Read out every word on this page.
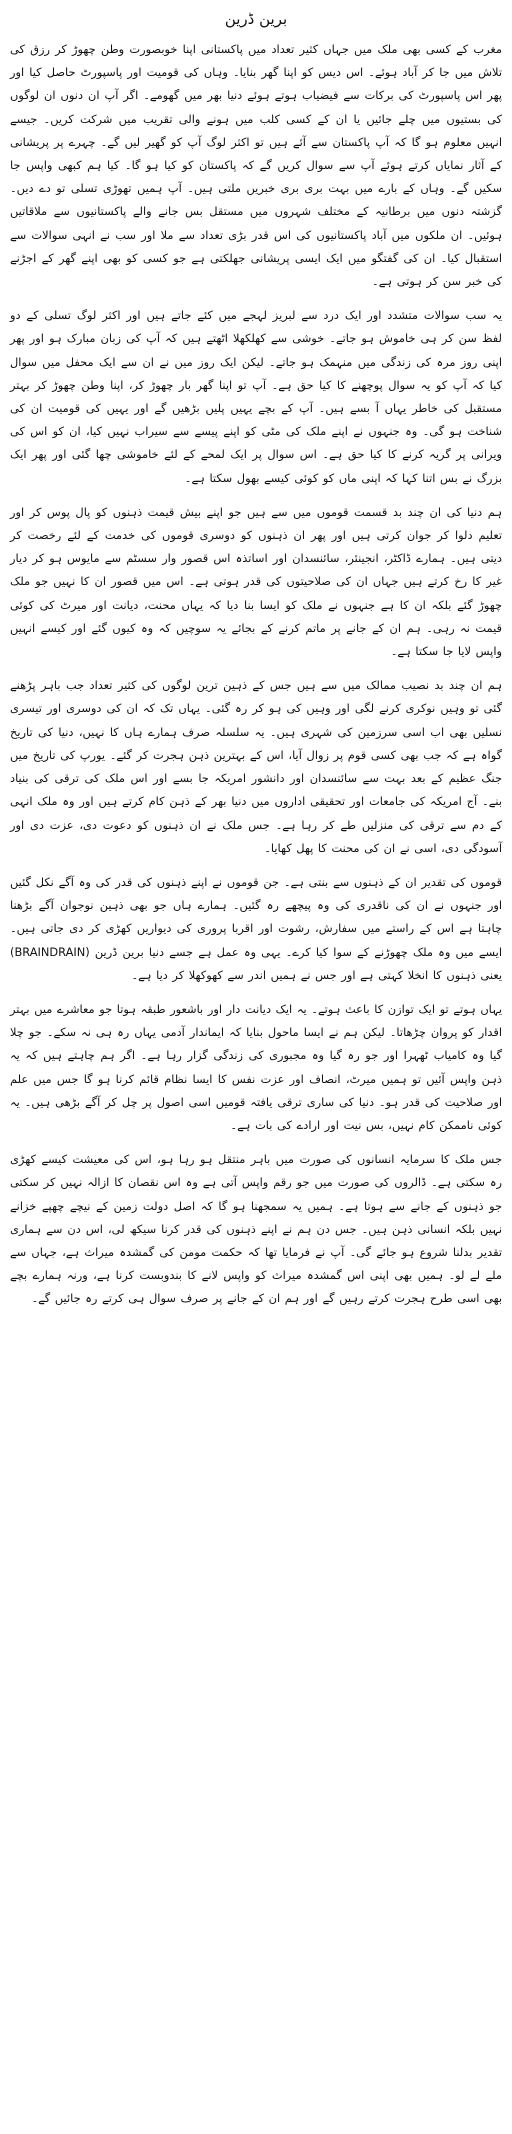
برین ڈرین

مغرب کے کسی بھی ملک میں جہاں کثیر تعداد میں پاکستانی اپنا خوبصورت وطن چھوڑ کر رزق کی تلاش میں جا کر آباد ہوئے۔ اس دیس کو اپنا گھر بنایا۔ وہاں کی قومیت اور پاسپورٹ حاصل کیا اور پھر اس پاسپورٹ کی برکات سے فیضیاب ہوتے ہوئے دنیا بھر میں گھومے۔ اگر آپ ان دنوں ان لوگوں کی بستیوں میں چلے جائیں یا ان کے کسی کلب میں ہونے والی تقریب میں شرکت کریں۔ جیسے انہیں معلوم ہو گا کہ آپ پاکستان سے آئے ہیں تو اکثر لوگ آپ کو گھیر لیں گے۔ چہرے پر پریشانی کے آثار نمایاں کرتے ہوئے آپ سے سوال کریں گے کہ پاکستان کو کیا ہو گا۔ کیا ہم کبھی واپس جا سکیں گے۔ وہاں کے بارے میں بہت بری بری خبریں ملتی ہیں۔ آپ ہمیں تھوڑی تسلی تو دے دیں۔ گزشتہ دنوں میں برطانیہ کے مختلف شہروں میں مستقل بس جانے والے پاکستانیوں سے ملاقاتیں ہوئیں۔ ان ملکوں میں آباد پاکستانیوں کی اس قدر بڑی تعداد سے ملا اور سب نے انہی سوالات سے استقبال کیا۔ ان کی گفتگو میں ایک ایسی پریشانی جھلکتی ہے جو کسی کو بھی اپنے گھر کے اجڑنے کی خبر سن کر ہوتی ہے۔

یہ سب سوالات متشدد اور ایک درد سے لبریز لہجے میں کئے جاتے ہیں اور اکثر لوگ تسلی کے دو لفظ سن کر ہی خاموش ہو جاتے۔ خوشی سے کھلکھلا اٹھتے ہیں کہ آپ کی زبان مبارک ہو اور پھر اپنی روز مرہ کی زندگی میں منہمک ہو جاتے۔ لیکن ایک روز میں نے ان سے ایک محفل میں سوال کیا کہ آپ کو یہ سوال پوچھنے کا کیا حق ہے۔ آپ تو اپنا گھر بار چھوڑ کر، اپنا وطن چھوڑ کر بہتر مستقبل کی خاطر یہاں آ بسے ہیں۔ آپ کے بچے یہیں پلیں بڑھیں گے اور یہیں کی قومیت ان کی شناخت ہو گی۔ وہ جنہوں نے اپنے ملک کی مٹی کو اپنے پیسے سے سیراب نہیں کیا، ان کو اس کی ویرانی پر گریہ کرنے کا کیا حق ہے۔ اس سوال پر ایک لمحے کے لئے خاموشی چھا گئی اور پھر ایک بزرگ نے بس اتنا کہا کہ اپنی ماں کو کوئی کیسے بھول سکتا ہے۔

ہم دنیا کی ان چند بد قسمت قوموں میں سے ہیں جو اپنے بیش قیمت ذہنوں کو پال پوس کر اور تعلیم دلوا کر جوان کرتی ہیں اور پھر ان ذہنوں کو دوسری قوموں کی خدمت کے لئے رخصت کر دیتی ہیں۔ ہمارے ڈاکٹر، انجینئر، سائنسدان اور اساتذہ اس قصور وار سسٹم سے مایوس ہو کر دیار غیر کا رخ کرتے ہیں جہاں ان کی صلاحیتوں کی قدر ہوتی ہے۔ اس میں قصور ان کا نہیں جو ملک چھوڑ گئے بلکہ ان کا ہے جنہوں نے ملک کو ایسا بنا دیا کہ یہاں محنت، دیانت اور میرٹ کی کوئی قیمت نہ رہی۔ ہم ان کے جانے پر ماتم کرنے کے بجائے یہ سوچیں کہ وہ کیوں گئے اور کیسے انہیں واپس لایا جا سکتا ہے۔

ہم ان چند بد نصیب ممالک میں سے ہیں جس کے ذہین ترین لوگوں کی کثیر تعداد جب باہر پڑھنے گئی تو وہیں نوکری کرنے لگی اور وہیں کی ہو کر رہ گئی۔ یہاں تک کہ ان کی دوسری اور تیسری نسلیں بھی اب اسی سرزمین کی شہری ہیں۔ یہ سلسلہ صرف ہمارے ہاں کا نہیں، دنیا کی تاریخ گواہ ہے کہ جب بھی کسی قوم پر زوال آیا، اس کے بہترین ذہن ہجرت کر گئے۔ یورپ کی تاریخ میں جنگ عظیم کے بعد بہت سے سائنسدان اور دانشور امریکہ جا بسے اور اس ملک کی ترقی کی بنیاد بنے۔ آج امریکہ کی جامعات اور تحقیقی اداروں میں دنیا بھر کے ذہن کام کرتے ہیں اور وہ ملک انہی کے دم سے ترقی کی منزلیں طے کر رہا ہے۔ جس ملک نے ان ذہنوں کو دعوت دی، عزت دی اور آسودگی دی، اسی نے ان کی محنت کا پھل کھایا۔

قوموں کی تقدیر ان کے ذہنوں سے بنتی ہے۔ جن قوموں نے اپنے ذہنوں کی قدر کی وہ آگے نکل گئیں اور جنہوں نے ان کی ناقدری کی وہ پیچھے رہ گئیں۔ ہمارے ہاں جو بھی ذہین نوجوان آگے بڑھنا چاہتا ہے اس کے راستے میں سفارش، رشوت اور اقربا پروری کی دیواریں کھڑی کر دی جاتی ہیں۔ ایسے میں وہ ملک چھوڑنے کے سوا کیا کرے۔ یہی وہ عمل ہے جسے دنیا برین ڈرین (BRAINDRAIN) یعنی ذہنوں کا انخلا کہتی ہے اور جس نے ہمیں اندر سے کھوکھلا کر دیا ہے۔

یہاں ہوتے تو ایک توازن کا باعث ہوتے۔ یہ ایک دیانت دار اور باشعور طبقہ ہوتا جو معاشرے میں بہتر اقدار کو پروان چڑھاتا۔ لیکن ہم نے ایسا ماحول بنایا کہ ایماندار آدمی یہاں رہ ہی نہ سکے۔ جو چلا گیا وہ کامیاب ٹھہرا اور جو رہ گیا وہ مجبوری کی زندگی گزار رہا ہے۔ اگر ہم چاہتے ہیں کہ یہ ذہن واپس آئیں تو ہمیں میرٹ، انصاف اور عزت نفس کا ایسا نظام قائم کرنا ہو گا جس میں علم اور صلاحیت کی قدر ہو۔ دنیا کی ساری ترقی یافتہ قومیں اسی اصول پر چل کر آگے بڑھی ہیں۔ یہ کوئی ناممکن کام نہیں، بس نیت اور ارادے کی بات ہے۔

جس ملک کا سرمایہ انسانوں کی صورت میں باہر منتقل ہو رہا ہو، اس کی معیشت کیسے کھڑی رہ سکتی ہے۔ ڈالروں کی صورت میں جو رقم واپس آتی ہے وہ اس نقصان کا ازالہ نہیں کر سکتی جو ذہنوں کے جانے سے ہوتا ہے۔ ہمیں یہ سمجھنا ہو گا کہ اصل دولت زمین کے نیچے چھپے خزانے نہیں بلکہ انسانی ذہن ہیں۔ جس دن ہم نے اپنے ذہنوں کی قدر کرنا سیکھ لی، اس دن سے ہماری تقدیر بدلنا شروع ہو جائے گی۔ آپ نے فرمایا تھا کہ حکمت مومن کی گمشدہ میراث ہے، جہاں سے ملے لے لو۔ ہمیں بھی اپنی اس گمشدہ میراث کو واپس لانے کا بندوبست کرنا ہے، ورنہ ہمارے بچے بھی اسی طرح ہجرت کرتے رہیں گے اور ہم ان کے جانے پر صرف سوال ہی کرتے رہ جائیں گے۔
